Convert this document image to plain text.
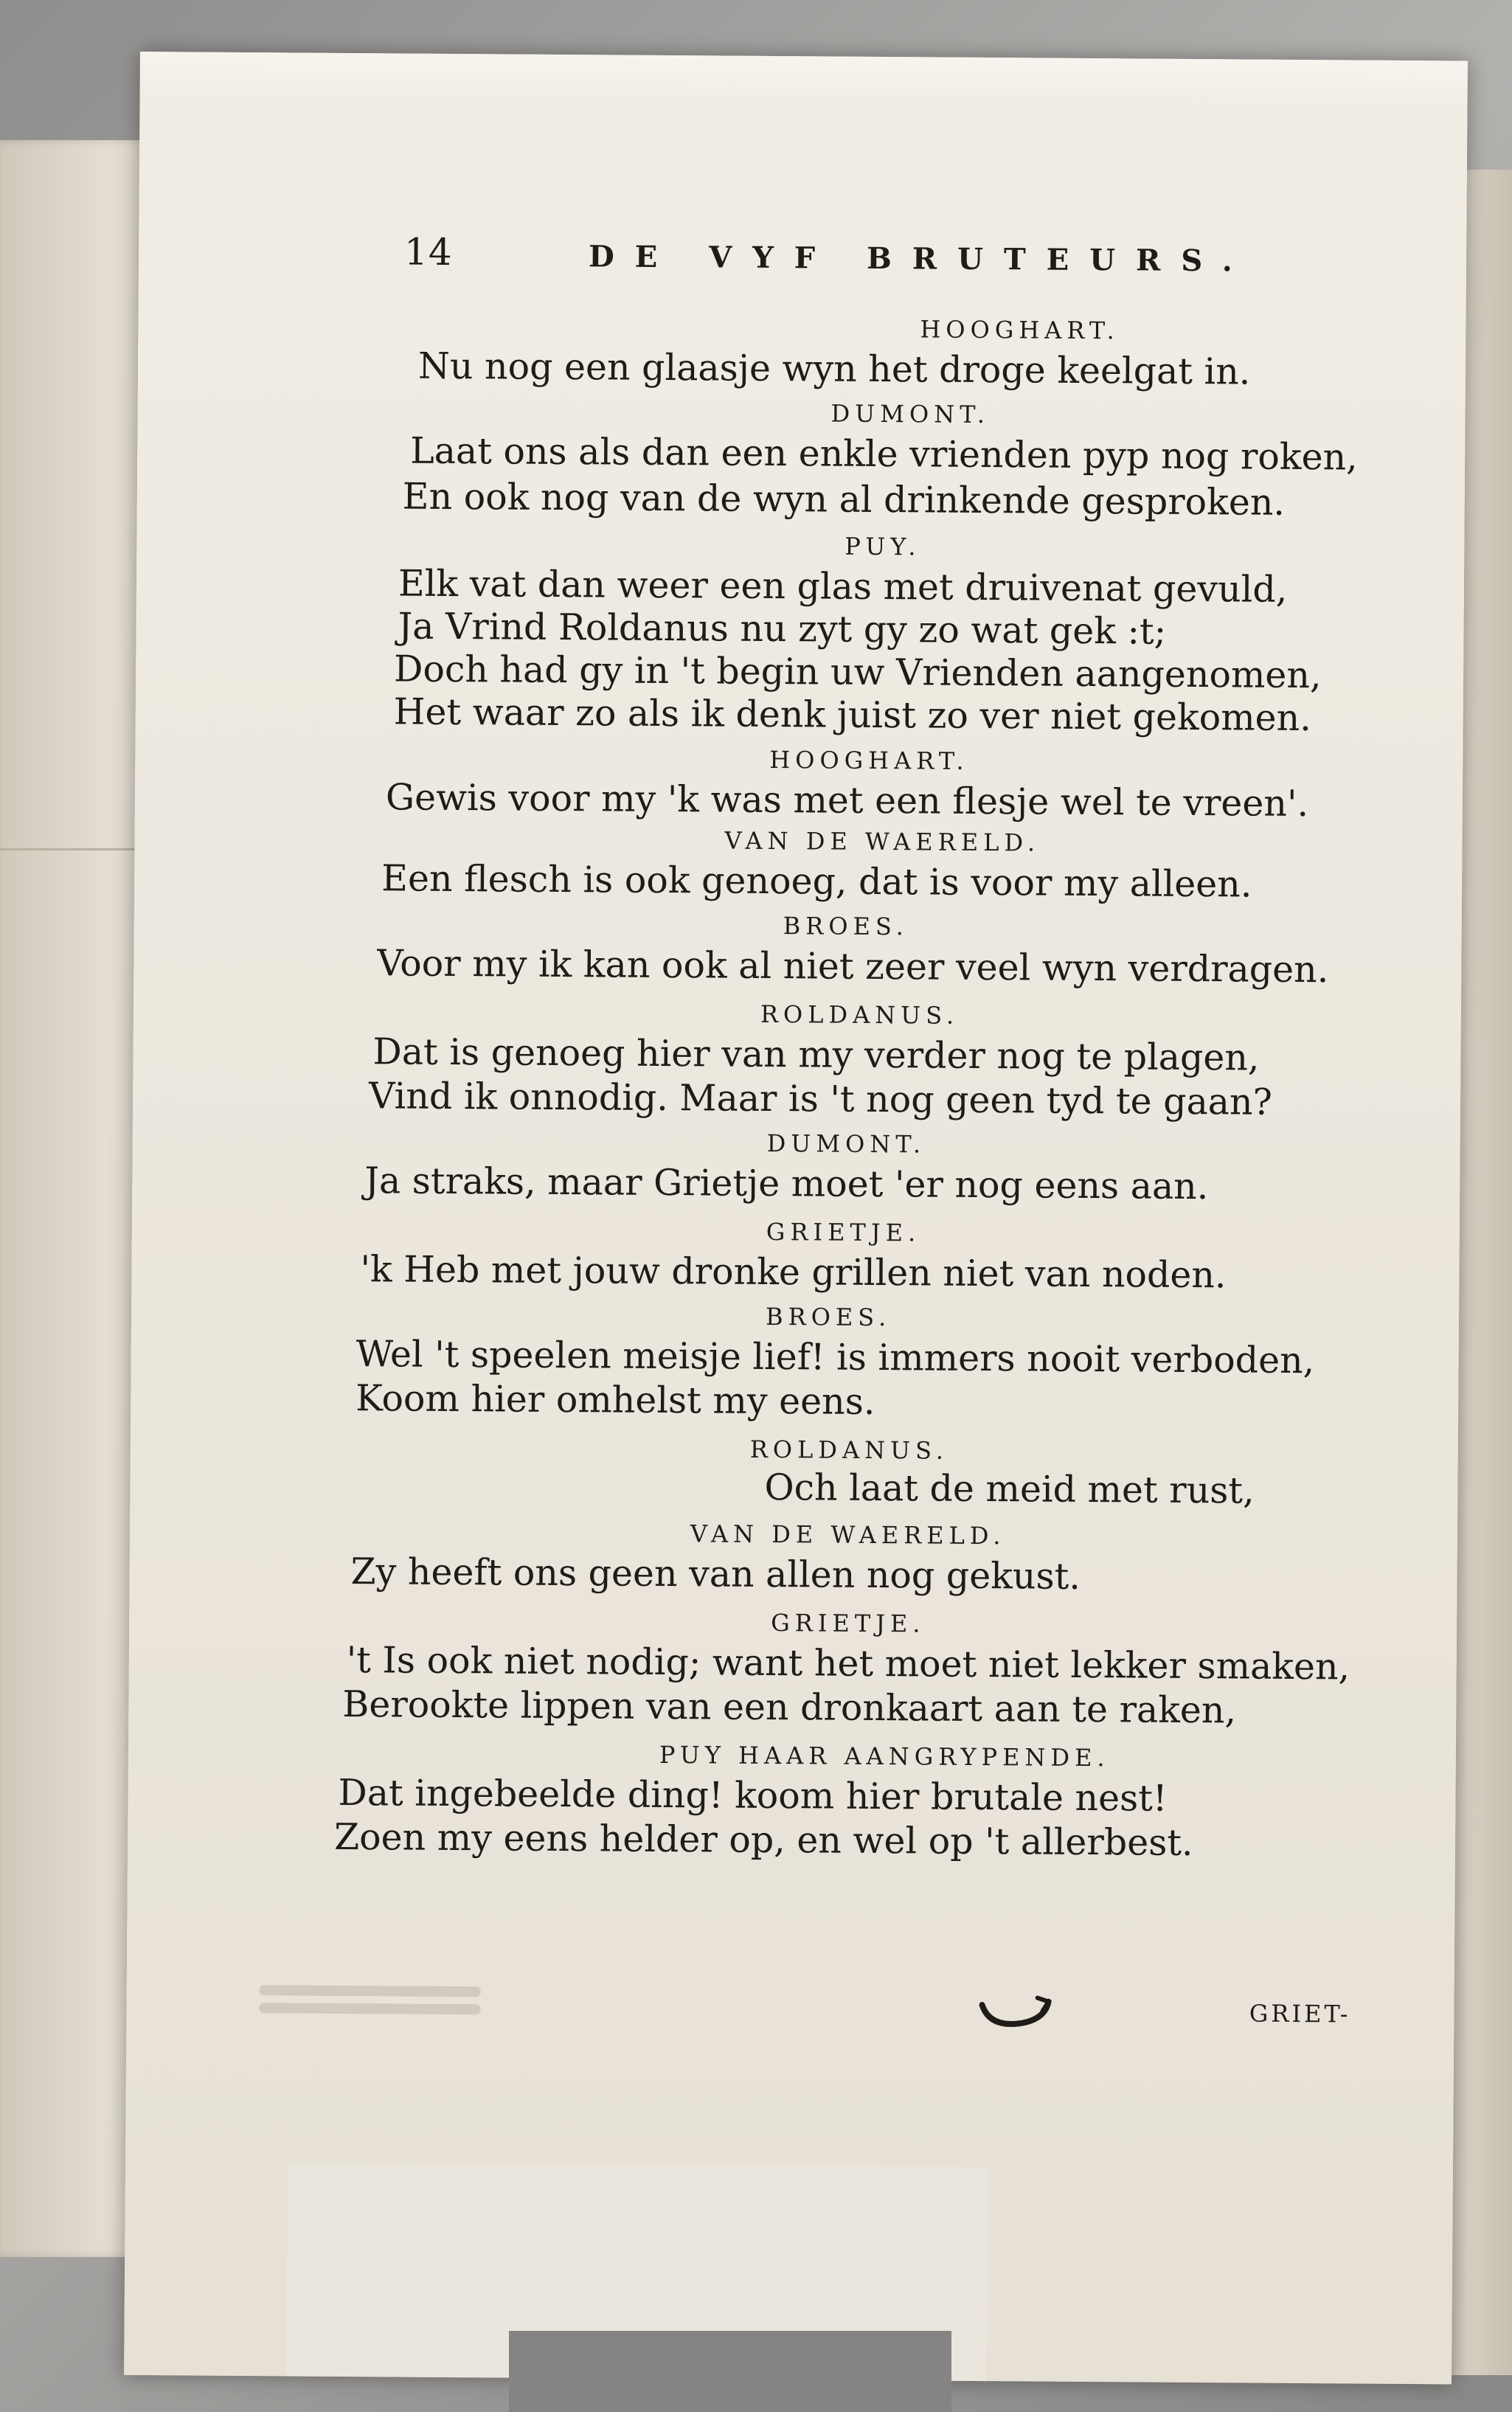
14	DE VYF BRUTEURS.
HOOGHART.
Nu nog een glaasje wyn het droge keelgat in.
DUMONT.
Laat ons als dan een enkle vrienden pyp nog roken,
En ook nog van de wyn al drinkende gesproken.
PUY.
Elk vat dan weer een glas met druivenat gevuld,
Ja Vrind Roldanus nu zyt gy zo wat gek :t;
Doch had gy in 't begin uw Vrienden aangenomen,
Het waar zo als ik denk juist zo ver niet gekomen.
HOOGHART.
Gewis voor my 'k was met een flesje wel te vreen'.
VAN DE WAERELD.
Een flesch is ook genoeg, dat is voor my alleen.
BROES.
Voor my ik kan ook al niet zeer veel wyn verdragen.
ROLDANUS.
Dat is genoeg hier van my verder nog te plagen,
Vind ik onnodig. Maar is 't nog geen tyd te gaan?
DUMONT.
Ja straks, maar Grietje moet 'er nog eens aan.
GRIETJE.
'k Heb met jouw dronke grillen niet van noden.
BROES.
Wel 't speelen meisje lief! is immers nooit verboden,
Koom hier omhelst my eens.
ROLDANUS.
Och laat de meid met rust,
VAN DE WAERELD.
Zy heeft ons geen van allen nog gekust.
GRIETJE.
't Is ook niet nodig; want het moet niet lekker smaken,
Berookte lippen van een dronkaart aan te raken,
PUY HAAR AANGRYPENDE.
Dat ingebeelde ding! koom hier brutale nest!
Zoen my eens helder op, en wel op 't allerbest.
GRIET-
